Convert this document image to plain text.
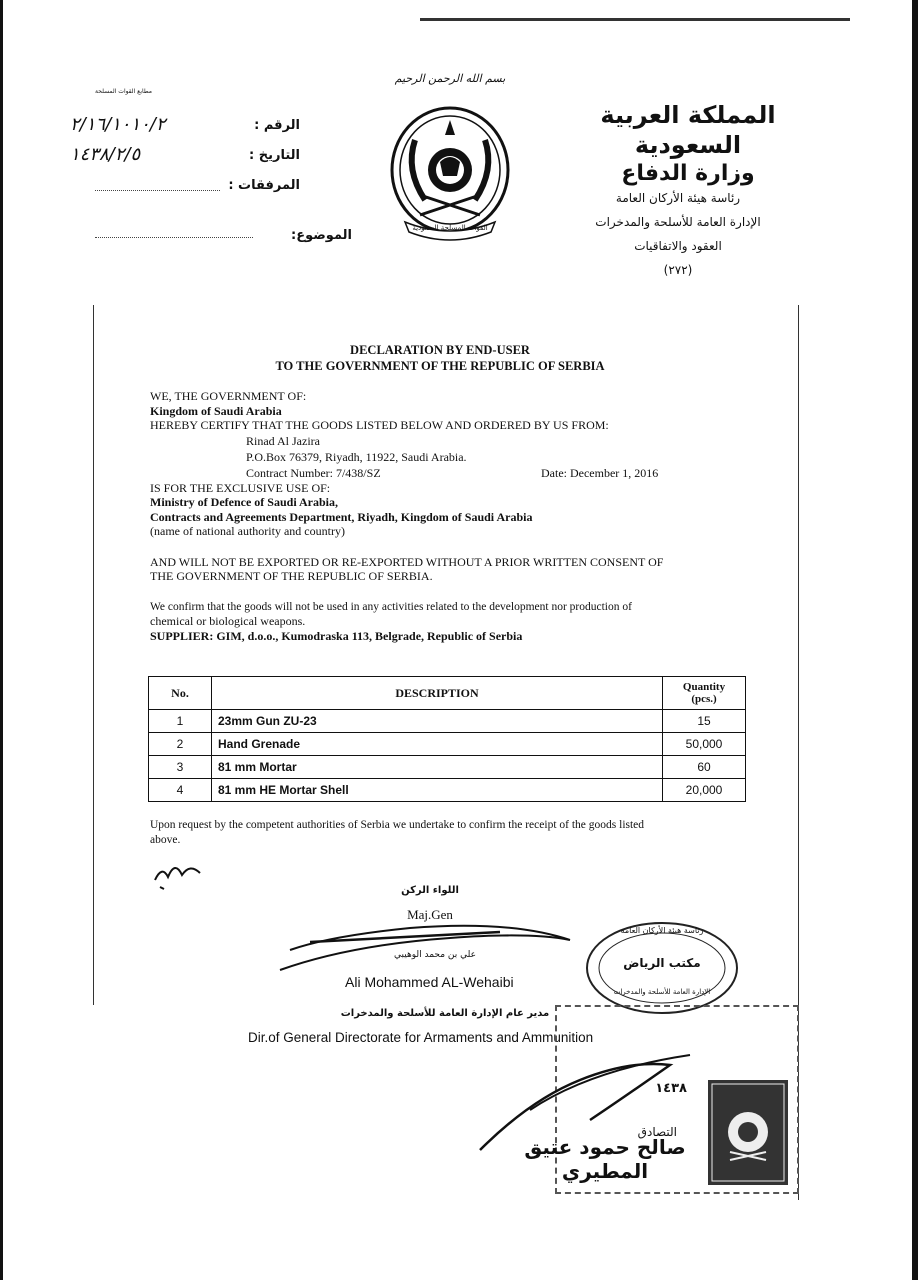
المملكة العربية السعودية
وزارة الدفاع
رئاسة هيئة الأركان العامة
الإدارة العامة للأسلحة والمدخرات
العقود والاتفاقيات
(٢٧٢)
بسم الله الرحمن الرحيم
القوات المسلحة السعودية
مطابع القوات المسلحة
الرقم :
٢/١٦/١٠١٠/٢
التاريخ :
١٤٣٨/٢/٥
المرفقات :
الموضوع:
DECLARATION BY END-USER
TO THE GOVERNMENT OF THE REPUBLIC OF SERBIA
WE, THE GOVERNMENT OF:
Kingdom of Saudi Arabia
HEREBY CERTIFY THAT THE GOODS LISTED BELOW AND ORDERED BY US FROM:
Rinad Al Jazira
P.O.Box 76379, Riyadh, 11922, Saudi Arabia.
Contract Number: 7/438/SZ	Date: December 1, 2016
IS FOR THE EXCLUSIVE USE OF:
Ministry of Defence of Saudi Arabia,
Contracts and Agreements Department, Riyadh, Kingdom of Saudi Arabia
(name of national authority and country)
AND WILL NOT BE EXPORTED OR RE-EXPORTED WITHOUT A PRIOR WRITTEN CONSENT OF
THE GOVERNMENT OF THE REPUBLIC OF SERBIA.
We confirm that the goods will not be used in any activities related to the development nor production of
chemical or biological weapons.
SUPPLIER: GIM, d.o.o., Kumodraska 113, Belgrade, Republic of Serbia
No.	DESCRIPTION	Quantity
(pcs.)

1	23mm Gun ZU-23	15
2	Hand Grenade	50,000
3	81 mm Mortar	60
4	81 mm HE Mortar Shell	20,000
Upon request by the competent authorities of Serbia we undertake to confirm the receipt of the goods listed
above.
اللواء الركن
Maj.Gen
علي بن محمد الوهيبي
Ali Mohammed AL-Wehaibi
مدير عام الإدارة العامة للأسلحة والمدخرات
Dir.of General Directorate for Armaments and Ammunition
رئاسة هيئة الأركان العامة
مكتب الرياض
الإدارة العامة للأسلحة والمدخرات
١٤٣٨
التصادق
صالح حمود عتيق المطيري
